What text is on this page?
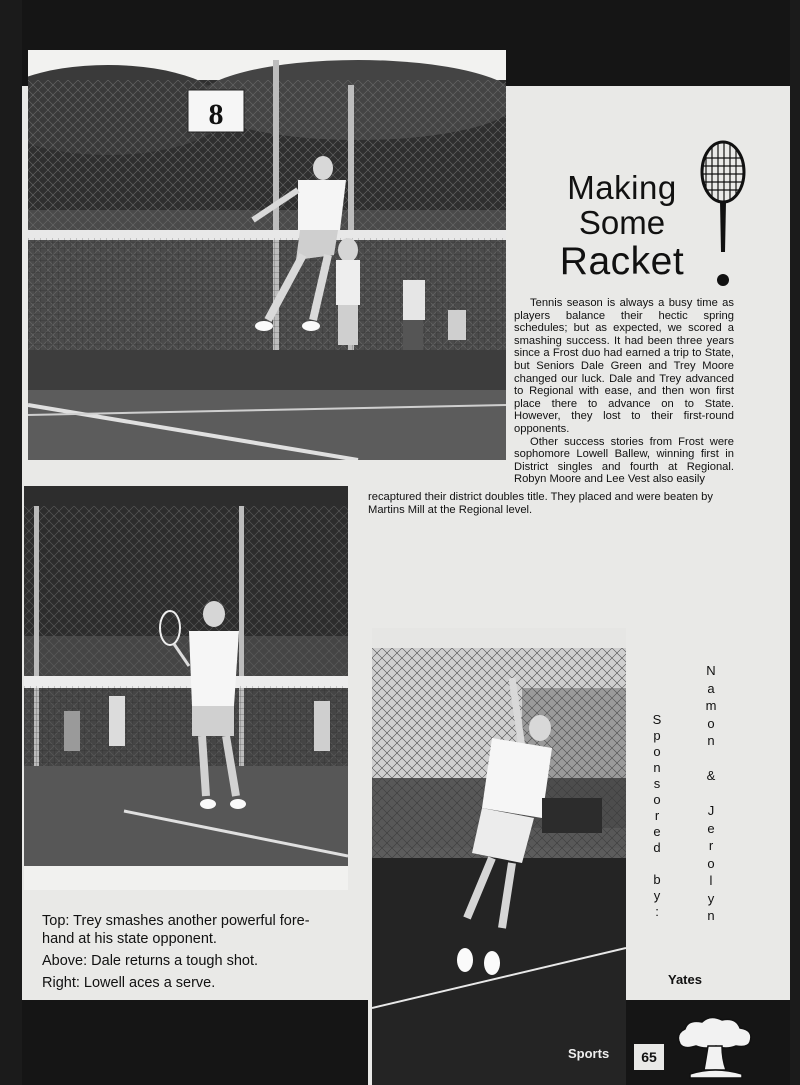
8
Making
Some
Racket

Tennis season is always a busy time as players balance their hectic spring schedules; but as expected, we scored a smashing success. It had been three years since a Frost duo had earned a trip to State, but Seniors Dale Green and Trey Moore changed our luck. Dale and Trey advanced to Regional with ease, and then won first place there to advance on to State. However, they lost to their first-round opponents.

Other success stories from Frost were sophomore Lowell Ballew, winning first in District singles and fourth at Regional. Robyn Moore and Lee Vest also easily

recaptured their district doubles title. They placed and were beaten by Martins Mill at the Regional level.
Top: Trey smashes another powerful fore-
hand at his state opponent.
Above: Dale returns a tough shot.
Right: Lowell aces a serve.
S
p
o
n
s
o
r
e
d
b
y
:
N
a
m
o
n
&
J
e
r
o
l
y
n
Yates
Sports	65
